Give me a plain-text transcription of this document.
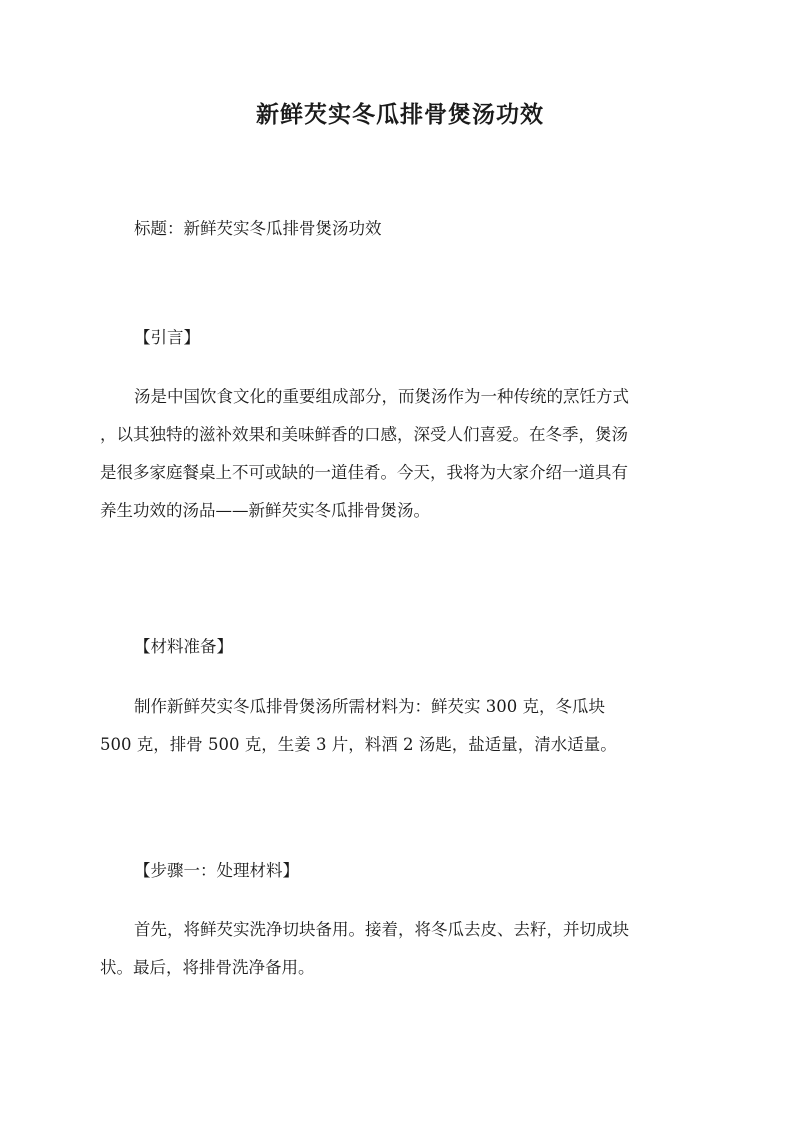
新鲜芡实冬瓜排骨煲汤功效
标题：新鲜芡实冬瓜排骨煲汤功效
【引言】
汤是中国饮食文化的重要组成部分，而煲汤作为一种传统的烹饪方式
，以其独特的滋补效果和美味鲜香的口感，深受人们喜爱。在冬季，煲汤
是很多家庭餐桌上不可或缺的一道佳肴。今天，我将为大家介绍一道具有
养生功效的汤品——新鲜芡实冬瓜排骨煲汤。
【材料准备】
制作新鲜芡实冬瓜排骨煲汤所需材料为：鲜芡实 300 克，冬瓜块
500 克，排骨 500 克，生姜 3 片，料酒 2 汤匙，盐适量，清水适量。
【步骤一：处理材料】
首先，将鲜芡实洗净切块备用。接着，将冬瓜去皮、去籽，并切成块
状。最后，将排骨洗净备用。
